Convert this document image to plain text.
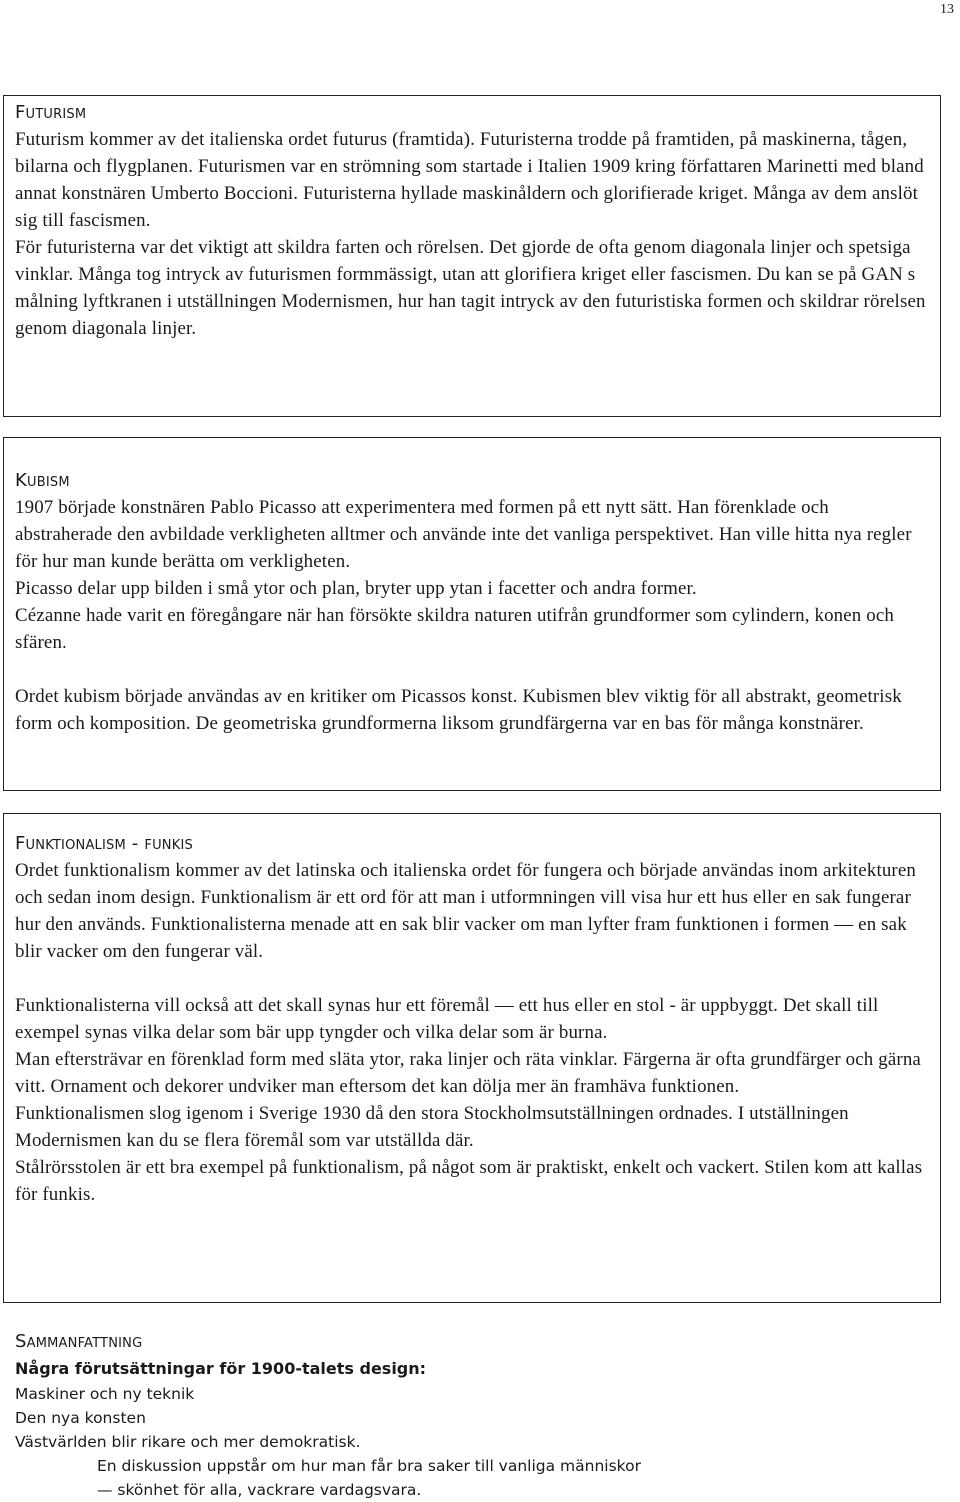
13
Futurism

Futurism kommer av det italienska ordet futurus (framtida). Futuristerna trodde på framtiden, på maskinerna, tågen, bilarna och flygplanen. Futurismen var en strömning som startade i Italien 1909 kring författaren Marinetti med bland annat konstnären Umberto Boccioni. Futuristerna hyllade maskinåldern och glorifierade kriget. Många av dem anslöt sig till fascismen.

För futuristerna var det viktigt att skildra farten och rörelsen. Det gjorde de ofta genom diagonala linjer och spetsiga vinklar. Många tog intryck av futurismen formmässigt, utan att glorifiera kriget eller fascismen. Du kan se på GAN s målning lyftkranen i utställningen Modernismen, hur han tagit intryck av den futuristiska formen och skildrar rörelsen genom diagonala linjer.

Kubism

1907 började konstnären Pablo Picasso att experimentera med formen på ett nytt sätt. Han förenklade och abstraherade den avbildade verkligheten alltmer och använde inte det vanliga perspektivet. Han ville hitta nya regler för hur man kunde berätta om verkligheten.

Picasso delar upp bilden i små ytor och plan, bryter upp ytan i facetter och andra former.

Cézanne hade varit en föregångare när han försökte skildra naturen utifrån grundformer som cylindern, konen och sfären.

Ordet kubism började användas av en kritiker om Picassos konst. Kubismen blev viktig för all abstrakt, geometrisk form och komposition. De geometriska grundformerna liksom grundfärgerna var en bas för många konstnärer.

Funktionalism - funkis

Ordet funktionalism kommer av det latinska och italienska ordet för fungera och började användas inom arkitekturen och sedan inom design. Funktionalism är ett ord för att man i utformningen vill visa hur ett hus eller en sak fungerar hur den används. Funktionalisterna menade att en sak blir vacker om man lyfter fram funktionen i formen — en sak blir vacker om den fungerar väl.

Funktionalisterna vill också att det skall synas hur ett föremål — ett hus eller en stol - är uppbyggt. Det skall till exempel synas vilka delar som bär upp tyngder och vilka delar som är burna.

Man eftersträvar en förenklad form med släta ytor, raka linjer och räta vinklar. Färgerna är ofta grundfärger och gärna vitt. Ornament och dekorer undviker man eftersom det kan dölja mer än framhäva funktionen.

Funktionalismen slog igenom i Sverige 1930 då den stora Stockholmsutställningen ordnades. I utställningen Modernismen kan du se flera föremål som var utställda där.

Stålrörsstolen är ett bra exempel på funktionalism, på något som är praktiskt, enkelt och vackert. Stilen kom att kallas för funkis.

Sammanfattning

Några förutsättningar för 1900-talets design:

Maskiner och ny teknik

Den nya konsten

Västvärlden blir rikare och mer demokratisk.

En diskussion uppstår om hur man får bra saker till vanliga människor

— skönhet för alla, vackrare vardagsvara.
